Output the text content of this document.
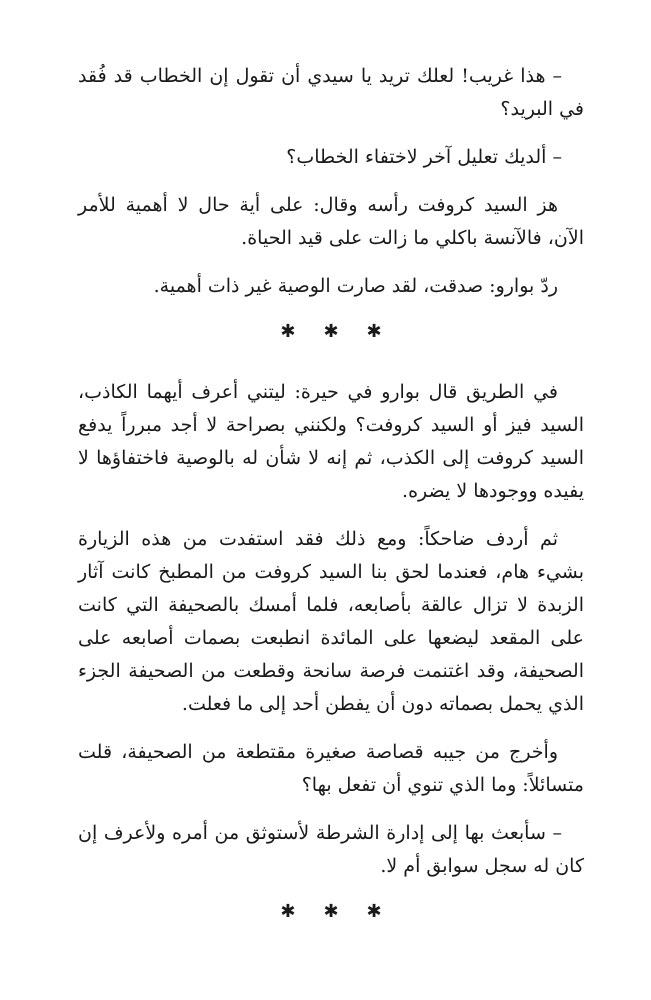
– هذا غريب! لعلك تريد يا سيدي أن تقول إن الخطاب قد فُقد في البريد؟

– ألديك تعليل آخر لاختفاء الخطاب؟

هز السيد كروفت رأسه وقال: على أية حال لا أهمية للأمر الآن، فالآنسة باكلي ما زالت على قيد الحياة.

ردّ بوارو: صدقت، لقد صارت الوصية غير ذات أهمية.

✱ ✱ ✱

في الطريق قال بوارو في حيرة: ليتني أعرف أيهما الكاذب، السيد فيز أو السيد كروفت؟ ولكنني بصراحة لا أجد مبرراً يدفع السيد كروفت إلى الكذب، ثم إنه لا شأن له بالوصية فاختفاؤها لا يفيده ووجودها لا يضره.

ثم أردف ضاحكاً: ومع ذلك فقد استفدت من هذه الزيارة بشيء هام، فعندما لحق بنا السيد كروفت من المطبخ كانت آثار الزبدة لا تزال عالقة بأصابعه، فلما أمسك بالصحيفة التي كانت على المقعد ليضعها على المائدة انطبعت بصمات أصابعه على الصحيفة، وقد اغتنمت فرصة سانحة وقطعت من الصحيفة الجزء الذي يحمل بصماته دون أن يفطن أحد إلى ما فعلت.

وأخرج من جيبه قصاصة صغيرة مقتطعة من الصحيفة، قلت متسائلاً: وما الذي تنوي أن تفعل بها؟

– سأبعث بها إلى إدارة الشرطة لأستوثق من أمره ولأعرف إن كان له سجل سوابق أم لا.

✱ ✱ ✱
